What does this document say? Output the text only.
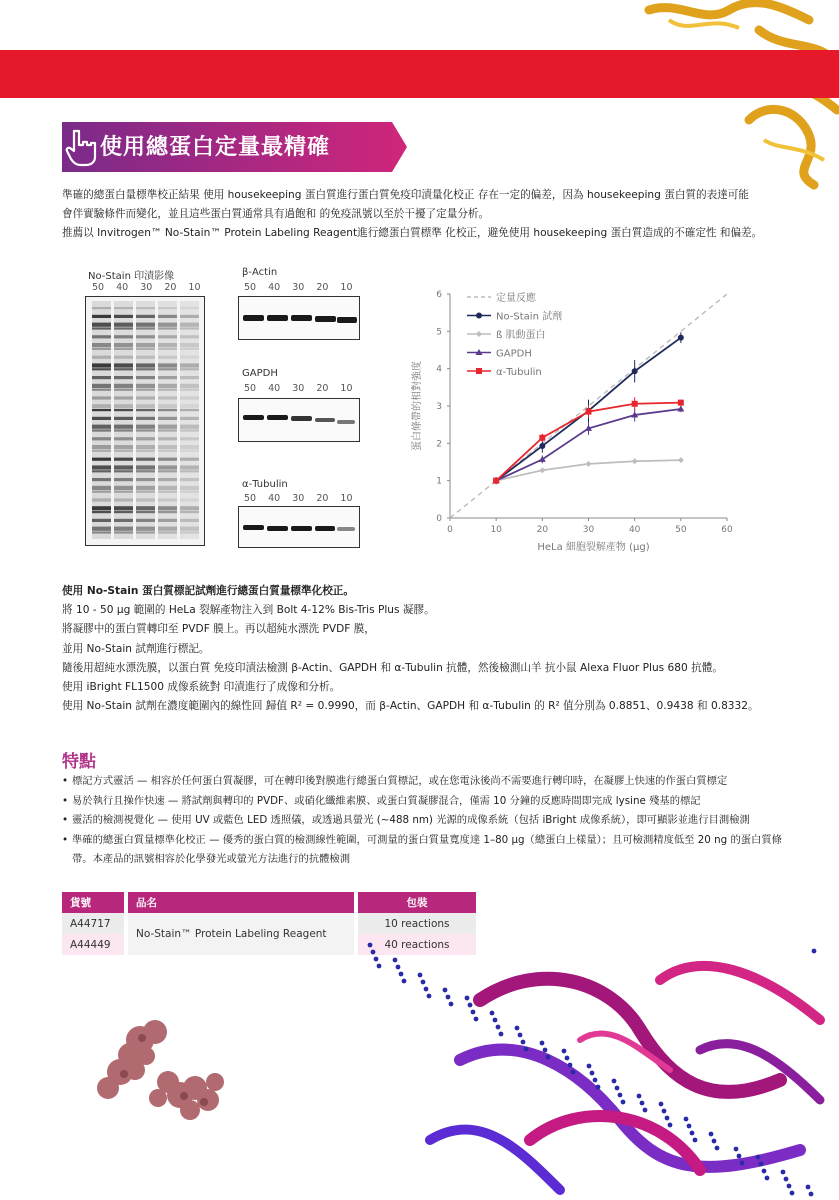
使用總蛋白定量最精確
準確的總蛋白量標準校正結果 使用 housekeeping 蛋白質進行蛋白質免疫印漬量化校正 存在一定的偏差，因為 housekeeping 蛋白質的表達可能
會伴實驗條件而變化，並且這些蛋白質通常具有過飽和 的免疫訊號以至於干擾了定量分析。
推薦以 Invitrogen™ No-Stain™ Protein Labeling Reagent進行總蛋白質標準 化校正，避免使用 housekeeping 蛋白質造成的不確定性 和偏差。
No-Stain 印漬影像
50 40 30 20 10
β-Actin
50 40 30 20 10
GAPDH
50 40 30 20 10
α-Tubulin
50 40 30 20 10
0	10	20	30	40	50	60
0
1
2
3
4
5
6
HeLa 細胞裂解產物 (µg)
蛋白條帶的相對強度
定量反應
No-Stain 試劑
ß 肌動蛋白
GAPDH
α-Tubulin
使用 No-Stain 蛋白質標記試劑進行總蛋白質量標準化校正。
將 10 - 50 µg 範圍的 HeLa 裂解產物注入到 Bolt 4-12% Bis-Tris Plus 凝膠。
將凝膠中的蛋白質轉印至 PVDF 膜上。再以超純水漂洗 PVDF 膜，
並用 No-Stain 試劑進行標記。
隨後用超純水漂洗膜，以蛋白質 免疫印漬法檢測 β-Actin、GAPDH 和 α-Tubulin 抗體，然後檢測山羊 抗小鼠 Alexa Fluor Plus 680 抗體。
使用 iBright FL1500 成像系統對 印漬進行了成像和分析。
使用 No-Stain 試劑在濃度範圍內的線性回 歸值 R² = 0.9990，而 β-Actin、GAPDH 和 α-Tubulin 的 R² 值分別為 0.8851、0.9438 和 0.8332。
特點
• 標記方式靈活 — 相容於任何蛋白質凝膠，可在轉印後對膜進行總蛋白質標記，或在您電泳後尚不需要進行轉印時，在凝膠上快速的作蛋白質標定
• 易於執行且操作快速 — 將試劑與轉印的 PVDF、或硝化纖維素膜、或蛋白質凝膠混合，僅需 10 分鐘的反應時間即完成 lysine 殘基的標記
• 靈活的檢測視覺化 — 使用 UV 或藍色 LED 透照儀，或透過具螢光 (~488 nm) 光源的成像系統（包括 iBright 成像系統），即可顯影並進行目測檢測
• 準確的總蛋白質量標準化校正 — 優秀的蛋白質的檢測線性範圍，可測量的蛋白質量寬度達 1–80 µg（總蛋白上樣量）；且可檢測精度低至 20 ng 的蛋白質條帶。本產品的訊號相容於化學發光或螢光方法進行的抗體檢測
貨號		品名		包裝
A44717		No-Stain™ Protein Labeling Reagent		10 reactions
A44449				40 reactions
